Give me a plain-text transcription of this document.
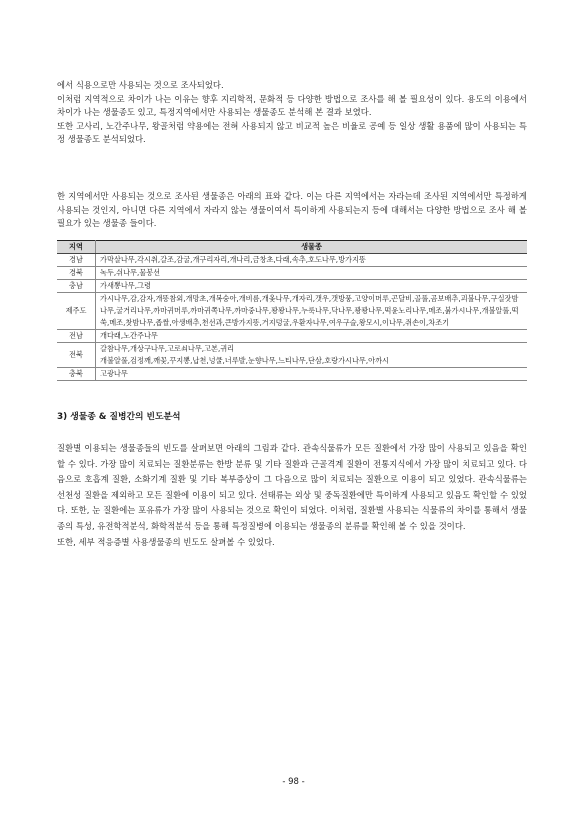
에서 식용으로만 사용되는 것으로 조사되었다.

이처럼 지역적으로 차이가 나는 이유는 향후 지리학적, 문화적 등 다양한 방법으로 조사를 해 볼 필요성이 있다. 용도의 이용에서 차이가 나는 생물종도 있고, 특정지역에서만 사용되는 생물종도 분석해 본 결과 보였다.

또한 고사리, 노간주나무, 왕골처럼 약용에는 전혀 사용되지 않고 비교적 높은 비율로 공예 등 일상 생활 용품에 많이 사용되는 특정 생물종도 분석되었다.

한 지역에서만 사용되는 것으로 조사된 생물종은 아래의 표와 같다. 이는 다른 지역에서는 자라는데 조사된 지역에서만 특정하게 사용되는 것인지, 아니면 다른 지역에서 자라지 않는 생물이여서 특이하게 사용되는지 등에 대해서는 다양한 방법으로 조사 해 볼 필요가 있는 생물종 들이다.

지역	생물종
경남	가막살나무,각시취,갈조,감굴,개구리자리,개나리,금창초,다래,속추,호도나무,방가지똥
경북	녹두,쉬나무,물봉선
충남	가새뽕나무,그령
제주도	가시나무,감,감자,개똥참외,개망초,개복숭아,개비름,개옻나무,개자리,갯우,갯방풍,고양이머루,곤달비,골풀,곰보배추,괴불나무,구실잣밤나무,굴거리나무,까마귀머루,까마귀쪽나무,까마중나무,꽝꽝나무,누룩나무,닥나무,꽝꽝나무,떡윤노리나무,메조,붉가시나무,개불알풀,떡쑥,메조,찻밤나무,좁쌀,아생배추,천선과,큰방가지똥,거지덩굴,우환자나무,여우구슬,왕모시,이나무,쥐손이,차조기
전남	개다래,노간주나무
전북	갈참나무,개상구나무,고로쇠나무,고본,귀리
개불알풀,검정깨,깨꽃,꾸지뽕,납천,넝쿨,너루발,눈향나무,느티나무,단삼,호랑가시나무,아까시
충북	고광나무
3) 생물종 & 질병간의 빈도분석

질환별 이용되는 생물종들의 빈도를 살펴보면 아래의 그림과 같다. 관속식물류가 모든 질환에서 가장 많이 사용되고 있음을 확인할 수 있다. 가장 많이 치료되는 질환분류는 한방 분류 및 기타 질환과 근골격계 질환이 전통지식에서 가장 많이 치료되고 있다. 다음으로 호흡계 질환, 소화기계 질환 및 기타 복부증상이 그 다음으로 많이 치료되는 질환으로 이용이 되고 있었다. 관속식물류는 선천성 질환을 제외하고 모든 질환에 이용이 되고 있다. 선태류는 외상 및 중독질환에만 특이하게 사용되고 있음도 확인할 수 있었다. 또한, 눈 질환에는 포유류가 가장 많이 사용되는 것으로 확인이 되었다. 이처럼, 질환별 사용되는 식물류의 차이를 통해서 생물종의 특성, 유전학적분석, 화학적분석 등을 통해 특정질병에 이용되는 생물종의 분류를 확인해 볼 수 있을 것이다.

또한, 세부 적응증별 사용생물종의 빈도도 살펴볼 수 있었다.

- 98 -
